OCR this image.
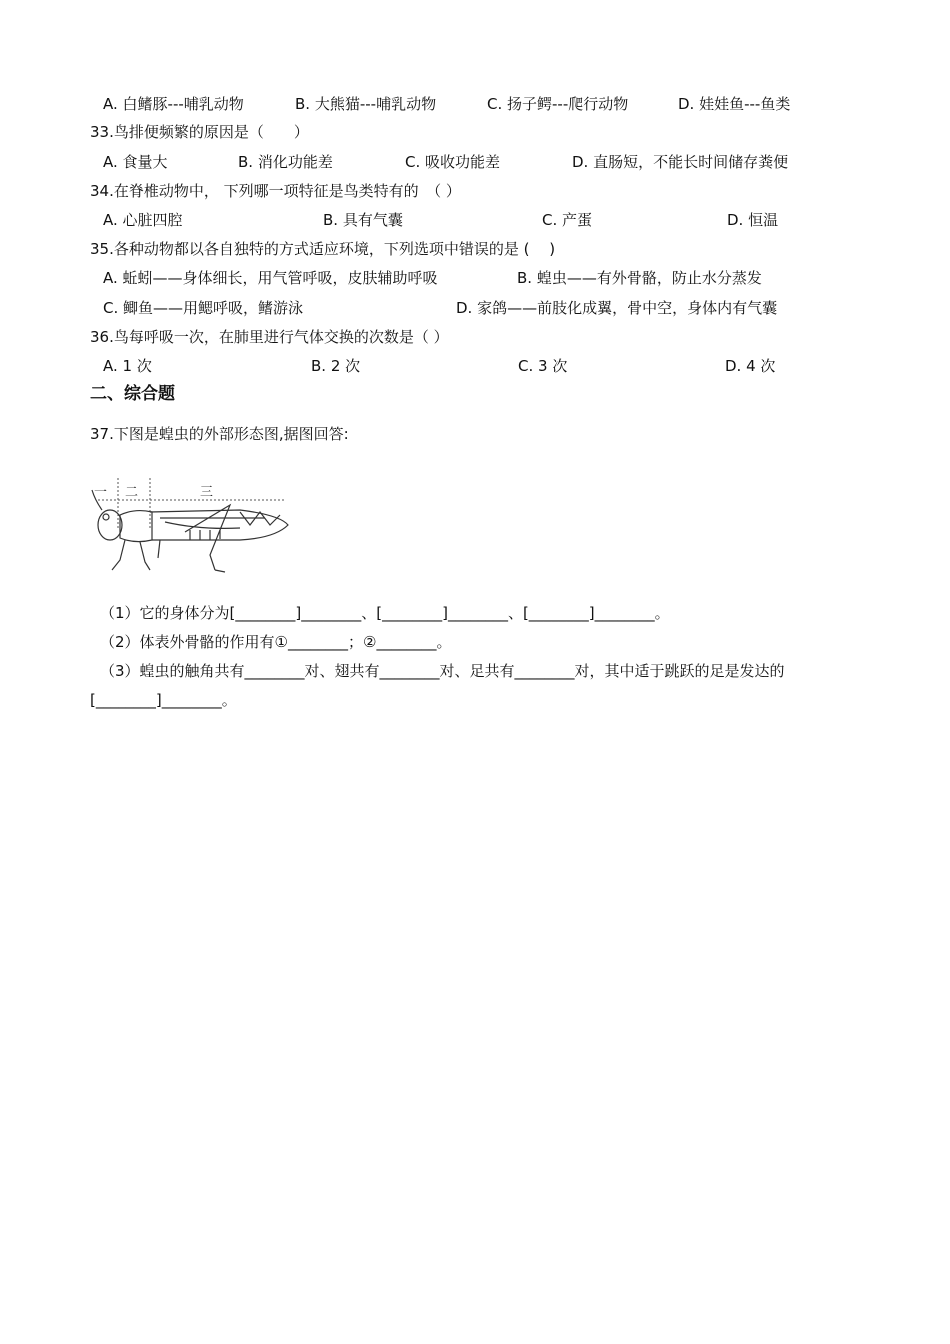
A. 白鳍豚---哺乳动物	B. 大熊猫---哺乳动物	C. 扬子鳄---爬行动物	D. 娃娃鱼---鱼类
33.鸟排便频繁的原因是（　　）
A. 食量大	B. 消化功能差	C. 吸收功能差	D. 直肠短，不能长时间储存粪便
34.在脊椎动物中， 下列哪一项特征是鸟类特有的　（ ）
A. 心脏四腔	B. 具有气囊	C. 产蛋	D. 恒温
35.各种动物都以各自独特的方式适应环境，下列选项中错误的是 (　 )
A. 蚯蚓——身体细长，用气管呼吸，皮肤辅助呼吸	B. 蝗虫——有外骨骼，防止水分蒸发
C. 鲫鱼——用鳃呼吸，鳍游泳	D. 家鸽——前肢化成翼，骨中空，身体内有气囊
36.鸟每呼吸一次，在肺里进行气体交换的次数是（ ）
A. 1 次	B. 2 次	C. 3 次	D. 4 次
二、综合题
37.下图是蝗虫的外部形态图,据图回答:
一 二	三
（1）它的身体分为[________]________、[________]________、[________]________。
（2）体表外骨骼的作用有①________；②________。
（3）蝗虫的触角共有________对、翅共有________对、足共有________对，其中适于跳跃的足是发达的
[________]________。
